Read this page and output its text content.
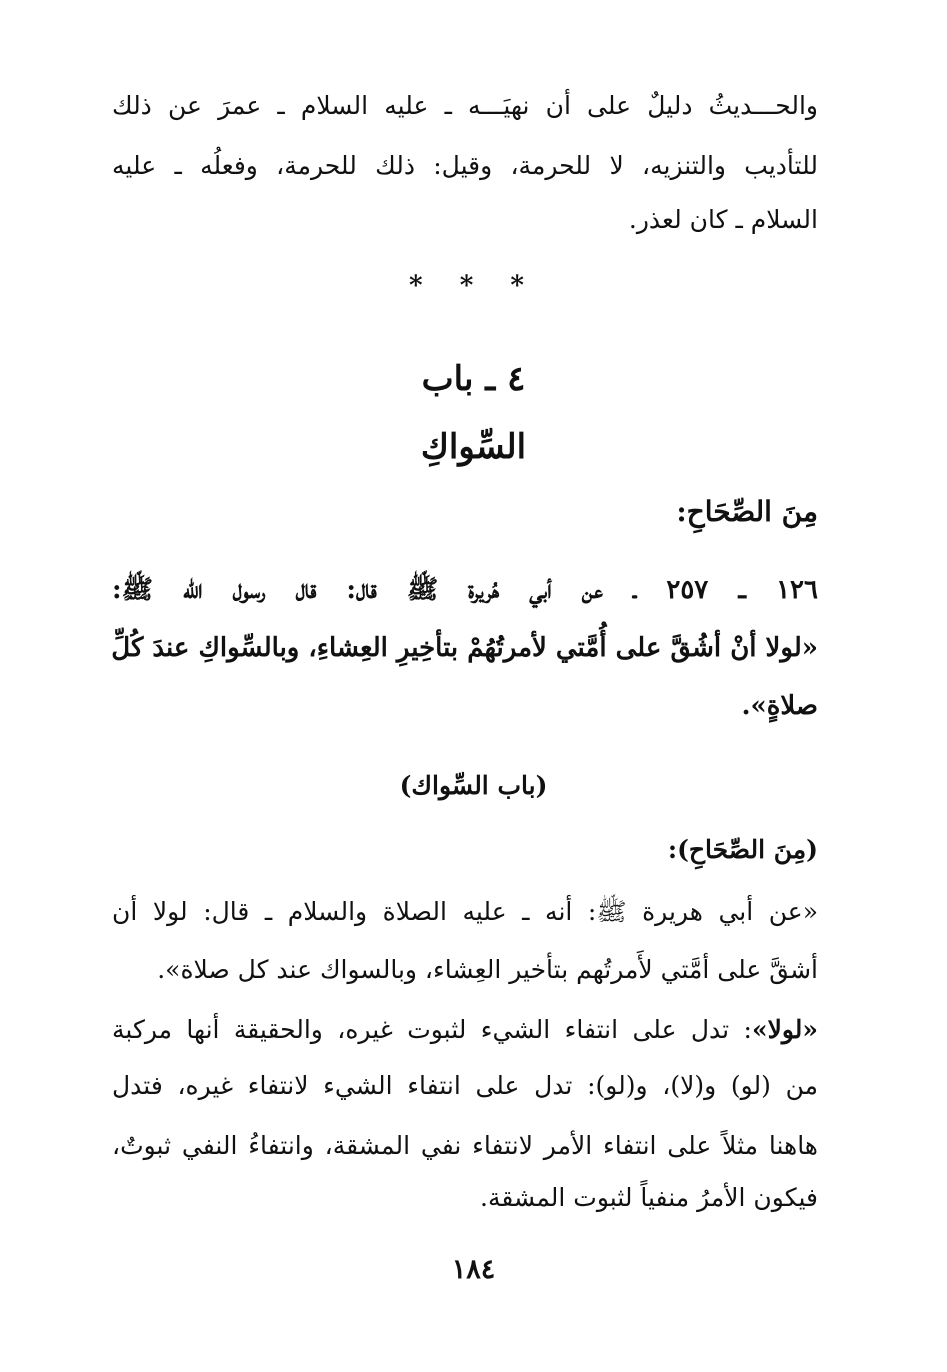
والحـــديثُ دليلٌ على أن نهيَـــه ـ عليه السلام ـ عمرَ عن ذلك
للتأديب والتنزيه، لا للحرمة، وقيل: ذلك للحرمة، وفعلُه ـ عليه
السلام ـ كان لعذر.
* * *
٤ ـ باب
السِّواكِ
مِنَ الصِّحَاحِ:
١٢٦ ـ ٢٥٧ ـ عن أبي هُريرة ﷺ قال: قال رسول الله ﷺ:
«لولا أنْ أشُقَّ على أُمَّتي لأمرتُهُمْ بتأخِيرِ العِشاءِ، وبالسِّواكِ عندَ كُلِّ
صلاةٍ».
(باب السِّواك)
(مِنَ الصِّحَاحِ):
«عن أبي هريرة ﷺ: أنه ـ عليه الصلاة والسلام ـ قال: لولا أن
أشقَّ على أمَّتي لأَمرتُهم بتأخير العِشاء، وبالسواك عند كل صلاة».
«لولا»: تدل على انتفاء الشيء لثبوت غيره، والحقيقة أنها مركبة
من (لو) و(لا)، و(لو): تدل على انتفاء الشيء لانتفاء غيره، فتدل
هاهنا مثلاً على انتفاء الأمر لانتفاء نفي المشقة، وانتفاءُ النفي ثبوتٌ،
فيكون الأمرُ منفياً لثبوت المشقة.
١٨٤
